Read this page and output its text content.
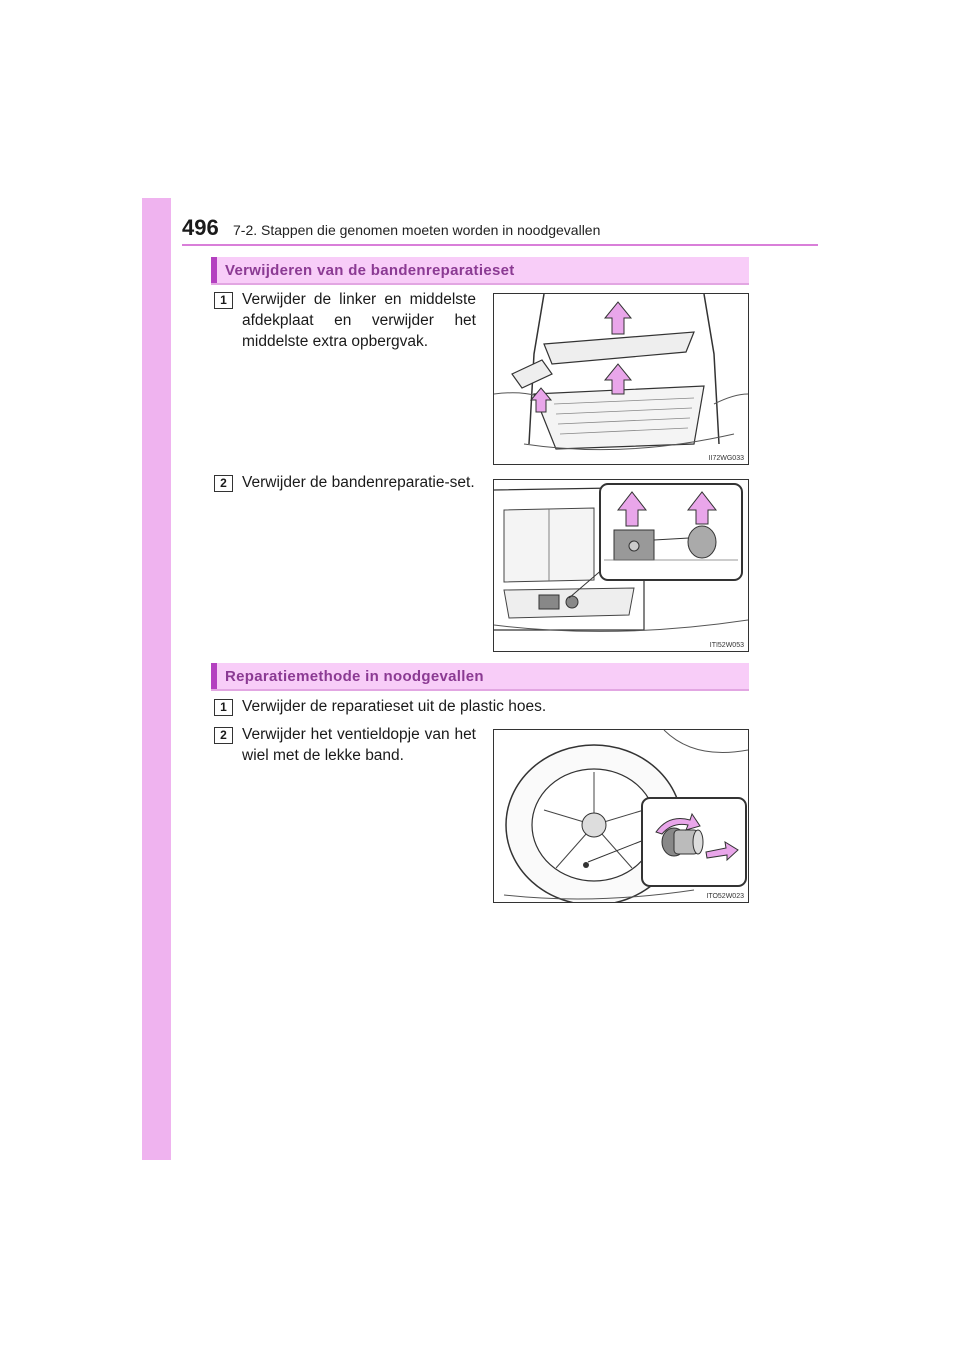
496 7-2. Stappen die genomen moeten worden in noodgevallen
Verwijderen van de bandenreparatieset
1 Verwijder de linker en middelste afdekplaat en verwijder het middelste extra opbergvak.
II72WG033
2 Verwijder de bandenreparatie-set.
ITI52W053
Reparatiemethode in noodgevallen
1 Verwijder de reparatieset uit de plastic hoes.
2 Verwijder het ventieldopje van het wiel met de lekke band.
ITO52W023
